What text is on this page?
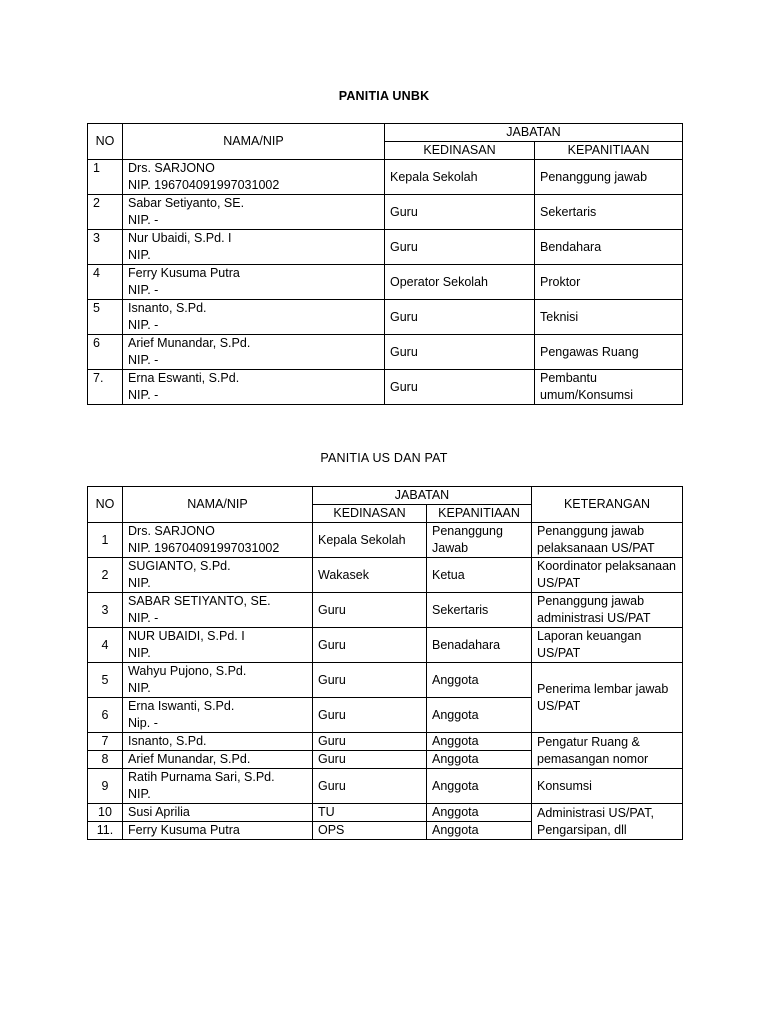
PANITIA UNBK
NO	NAMA/NIP	JABATAN	
		KEDINASAN	KEPANITIAAN
1	Drs. SARJONO
NIP. 196704091997031002	Kepala Sekolah	Penanggung jawab
2	Sabar Setiyanto, SE.
NIP. -	Guru	Sekertaris
3	Nur Ubaidi, S.Pd. I
NIP.	Guru	Bendahara
4	Ferry Kusuma Putra
NIP. -	Operator Sekolah	Proktor
5	Isnanto, S.Pd.
NIP. -	Guru	Teknisi
6	Arief Munandar, S.Pd.
NIP. -	Guru	Pengawas Ruang
7.	Erna Eswanti, S.Pd.
NIP. -	Guru	Pembantu umum/Konsumsi
PANITIA US DAN PAT
NO	NAMA/NIP	JABATAN		KETERANGAN
		KEDINASAN	KEPANITIAAN	
1	Drs. SARJONO
NIP. 196704091997031002	Kepala Sekolah	Penanggung Jawab	Penanggung jawab pelaksanaan US/PAT
2	SUGIANTO, S.Pd.
NIP.	Wakasek	Ketua	Koordinator pelaksanaan US/PAT
3	SABAR SETIYANTO, SE.
NIP. -	Guru	Sekertaris	Penanggung jawab administrasi US/PAT
4	NUR UBAIDI, S.Pd. I
NIP.	Guru	Benadahara	Laporan keuangan US/PAT
5	Wahyu Pujono, S.Pd.
NIP.	Guru	Anggota	Penerima lembar jawab US/PAT
6	Erna Iswanti, S.Pd.
Nip. -	Guru	Anggota	
7	Isnanto, S.Pd.	Guru	Anggota	Pengatur Ruang & pemasangan nomor
8	Arief Munandar, S.Pd.	Guru	Anggota	
9	Ratih Purnama Sari, S.Pd.
NIP.	Guru	Anggota	Konsumsi
10	Susi Aprilia	TU	Anggota	Administrasi US/PAT, Pengarsipan, dll
11.	Ferry Kusuma Putra	OPS	Anggota	
